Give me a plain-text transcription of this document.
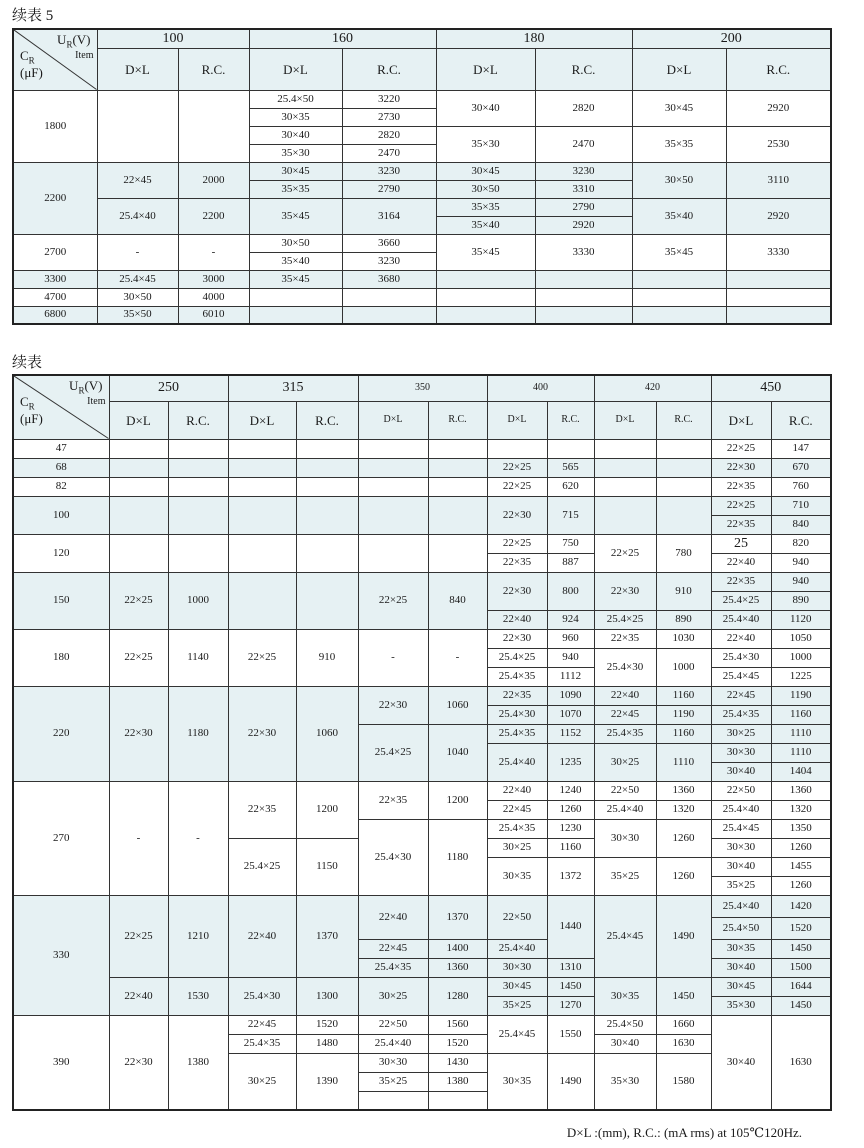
续表 5
$U_R(V)$
Item
$C_R$
(μF)	100		160		180		200	
	D×L	R.C.	D×L	R.C.	D×L	R.C.	D×L	R.C.
1800			25.4×50	3220	30×40	2820	30×45	2920
			30×35	2730				
			30×40	2820	35×30	2470	35×35	2530
			35×30	2470				
2200	22×45	2000	30×45	3230	30×45	3230	30×50	3110
			35×35	2790	30×50	3310		
	25.4×40	2200	35×45	3164	35×35	2790	35×40	2920
					35×40	2920		
2700	-	-	30×50	3660	35×45	3330	35×45	3330
			35×40	3230				
3300	25.4×45	3000	35×45	3680				
4700	30×50	4000						
6800	35×50	6010						
续表
$U_R(V)$
Item
$C_R$
(μF)	250		315		350		400		420		450	
	D×L	R.C.	D×L	R.C.	D×L	R.C.	D×L	R.C.	D×L	R.C.	D×L	R.C.
47											22×25	147
68							22×25	565			22×30	670
82							22×25	620			22×35	760
100							22×30	715			22×25	710
											22×35	840
120							22×25	750	22×25	780	25	820
							22×35	887			22×40	940
150	22×25	1000			22×25	840	22×30	800	22×30	910	22×35	940
											25.4×25	890
							22×40	924	25.4×25	890	25.4×40	1120
180	22×25	1140	22×25	910	-	-	22×30	960	22×35	1030	22×40	1050
							25.4×25	940	25.4×30	1000	25.4×30	1000
							25.4×35	1112			25.4×45	1225
220	22×30	1180	22×30	1060	22×30	1060	22×35	1090	22×40	1160	22×45	1190
							25.4×30	1070	22×45	1190	25.4×35	1160
					25.4×25	1040	25.4×35	1152	25.4×35	1160	30×25	1110
							25.4×40	1235	30×25	1110	30×30	1110
											30×40	1404
270	-	-	22×35	1200	22×35	1200	22×40	1240	22×50	1360	22×50	1360
							22×45	1260	25.4×40	1320	25.4×40	1320
					25.4×30	1180	25.4×35	1230	30×30	1260	25.4×45	1350
			25.4×25	1150			30×25	1160			30×30	1260
							30×35	1372	35×25	1260	30×40	1455
											35×25	1260
330	22×25	1210	22×40	1370	22×40	1370	22×50	1440	25.4×45	1490	25.4×40	1420
											25.4×50	1520
					22×45	1400	25.4×40				30×35	1450
					25.4×35	1360	30×30	1310			30×40	1500
	22×40	1530	25.4×30	1300	30×25	1280	30×45	1450	30×35	1450	30×45	1644
							35×25	1270			35×30	1450
390	22×30	1380	22×45	1520	22×50	1560	25.4×45	1550	25.4×50	1660	30×40	1630
			25.4×35	1480	25.4×40	1520			30×40	1630		
			30×25	1390	30×30	1430	30×35	1490	35×30	1580		
					35×25	1380						

D×L :(mm), R.C.: (mA rms) at 105℃120Hz.
